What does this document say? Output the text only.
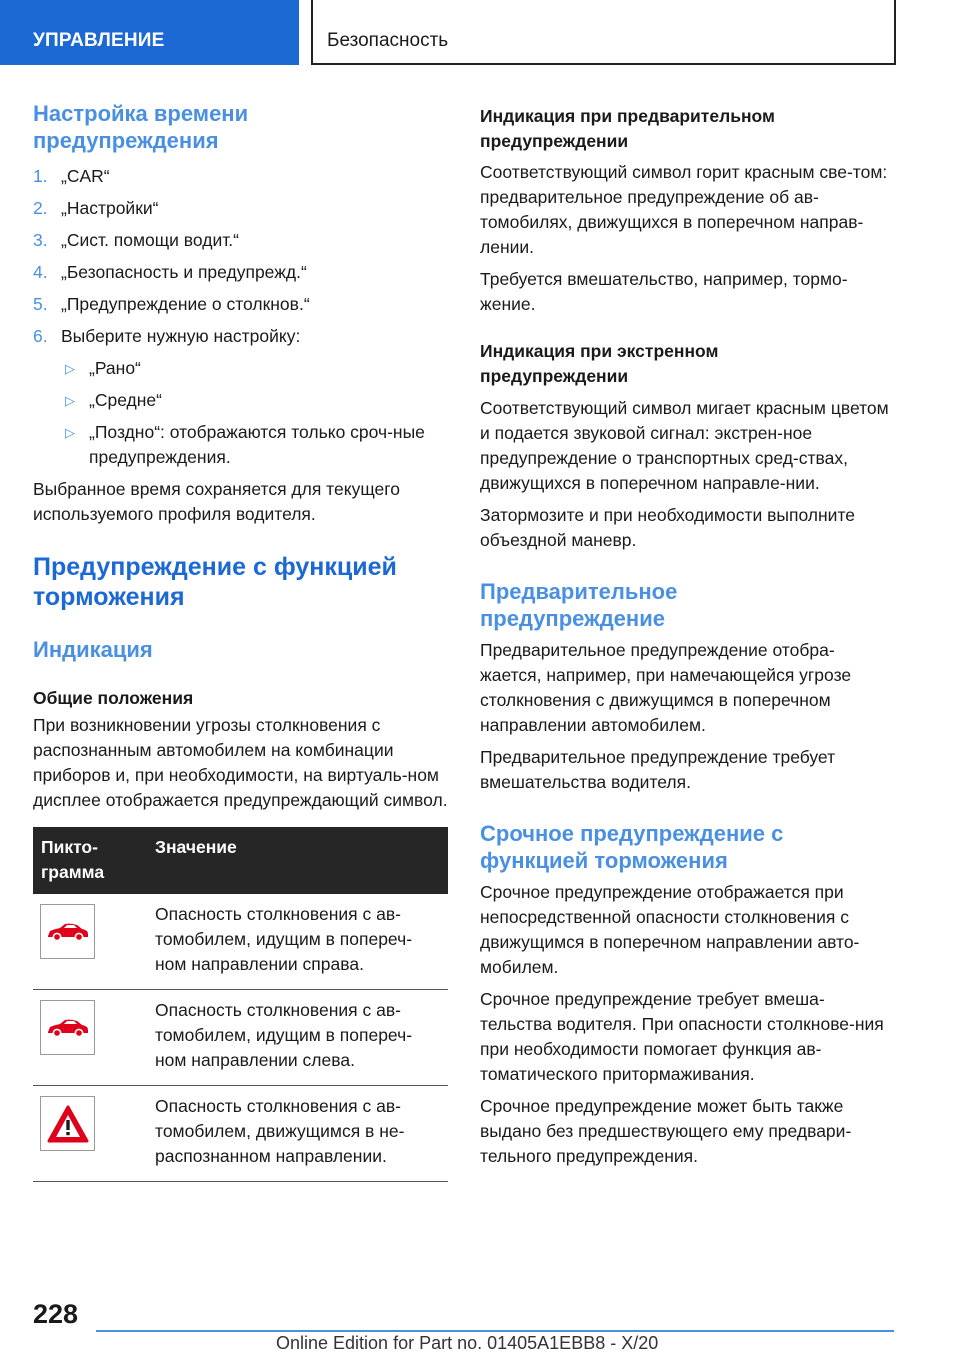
УПРАВЛЕНИЕ	Безопасность
Настройка времени предупреждения
1. „CAR“
2. „Настройки“
3. „Сист. помощи водит.“
4. „Безопасность и предупрежд.“
5. „Предупреждение о столкнов.“
6. Выберите нужную настройку:
▷ „Рано“
▷ „Средне“
▷ „Поздно“: отображаются только сроч-ные предупреждения.
Выбранное время сохраняется для текущего используемого профиля водителя.
Предупреждение с функцией торможения
Индикация
Общие положения
При возникновении угрозы столкновения с распознанным автомобилем на комбинации приборов и, при необходимости, на виртуаль-ном дисплее отображается предупреждающий символ.
Пикто-грамма	Значение

	Опасность столкновения с ав-томобилем, идущим в попереч-ном направлении справа.

	Опасность столкновения с ав-томобилем, идущим в попереч-ном направлении слева.

	Опасность столкновения с ав-томобилем, движущимся в не-распознанном направлении.
Индикация при предварительном предупреждении
Соответствующий символ горит красным све-том: предварительное предупреждение об ав-томобилях, движущихся в поперечном направ-лении.
Требуется вмешательство, например, тормо-жение.
Индикация при экстренном предупреждении
Соответствующий символ мигает красным цветом и подается звуковой сигнал: экстрен-ное предупреждение о транспортных сред-ствах, движущихся в поперечном направле-нии.
Затормозите и при необходимости выполните объездной маневр.
Предварительное предупреждение
Предварительное предупреждение отобра-жается, например, при намечающейся угрозе столкновения с движущимся в поперечном направлении автомобилем.
Предварительное предупреждение требует вмешательства водителя.
Срочное предупреждение с функцией торможения
Срочное предупреждение отображается при непосредственной опасности столкновения с движущимся в поперечном направлении авто-мобилем.
Срочное предупреждение требует вмеша-тельства водителя. При опасности столкнове-ния при необходимости помогает функция ав-томатического притормаживания.
Срочное предупреждение может быть также выдано без предшествующего ему предвари-тельного предупреждения.
228
Online Edition for Part no. 01405A1EBB8 - X/20
